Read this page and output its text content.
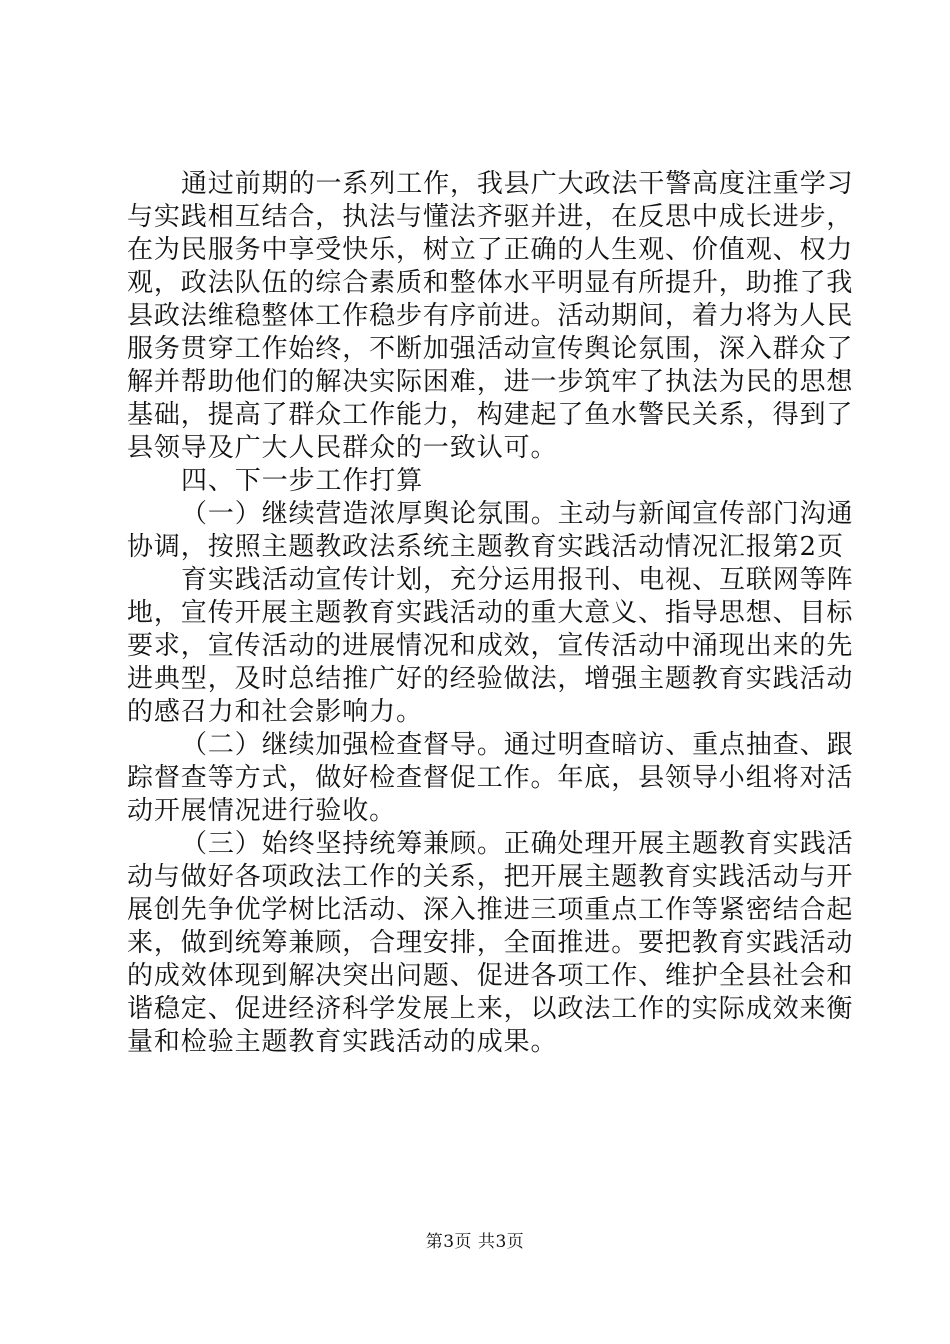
通过前期的一系列工作，我县广大政法干警高度注重学习
与实践相互结合，执法与懂法齐驱并进，在反思中成长进步，
在为民服务中享受快乐，树立了正确的人生观、价值观、权力
观，政法队伍的综合素质和整体水平明显有所提升，助推了我
县政法维稳整体工作稳步有序前进。活动期间，着力将为人民
服务贯穿工作始终，不断加强活动宣传舆论氛围，深入群众了
解并帮助他们的解决实际困难，进一步筑牢了执法为民的思想
基础，提高了群众工作能力，构建起了鱼水警民关系，得到了
县领导及广大人民群众的一致认可。
四、下一步工作打算
（一）继续营造浓厚舆论氛围。主动与新闻宣传部门沟通
协调，按照主题教政法系统主题教育实践活动情况汇报第2页
育实践活动宣传计划，充分运用报刊、电视、互联网等阵
地，宣传开展主题教育实践活动的重大意义、指导思想、目标
要求，宣传活动的进展情况和成效，宣传活动中涌现出来的先
进典型，及时总结推广好的经验做法，增强主题教育实践活动
的感召力和社会影响力。
（二）继续加强检查督导。通过明查暗访、重点抽查、跟
踪督查等方式，做好检查督促工作。年底，县领导小组将对活
动开展情况进行验收。
（三）始终坚持统筹兼顾。正确处理开展主题教育实践活
动与做好各项政法工作的关系，把开展主题教育实践活动与开
展创先争优学树比活动、深入推进三项重点工作等紧密结合起
来，做到统筹兼顾，合理安排，全面推进。要把教育实践活动
的成效体现到解决突出问题、促进各项工作、维护全县社会和
谐稳定、促进经济科学发展上来，以政法工作的实际成效来衡
量和检验主题教育实践活动的成果。
第3页 共3页
